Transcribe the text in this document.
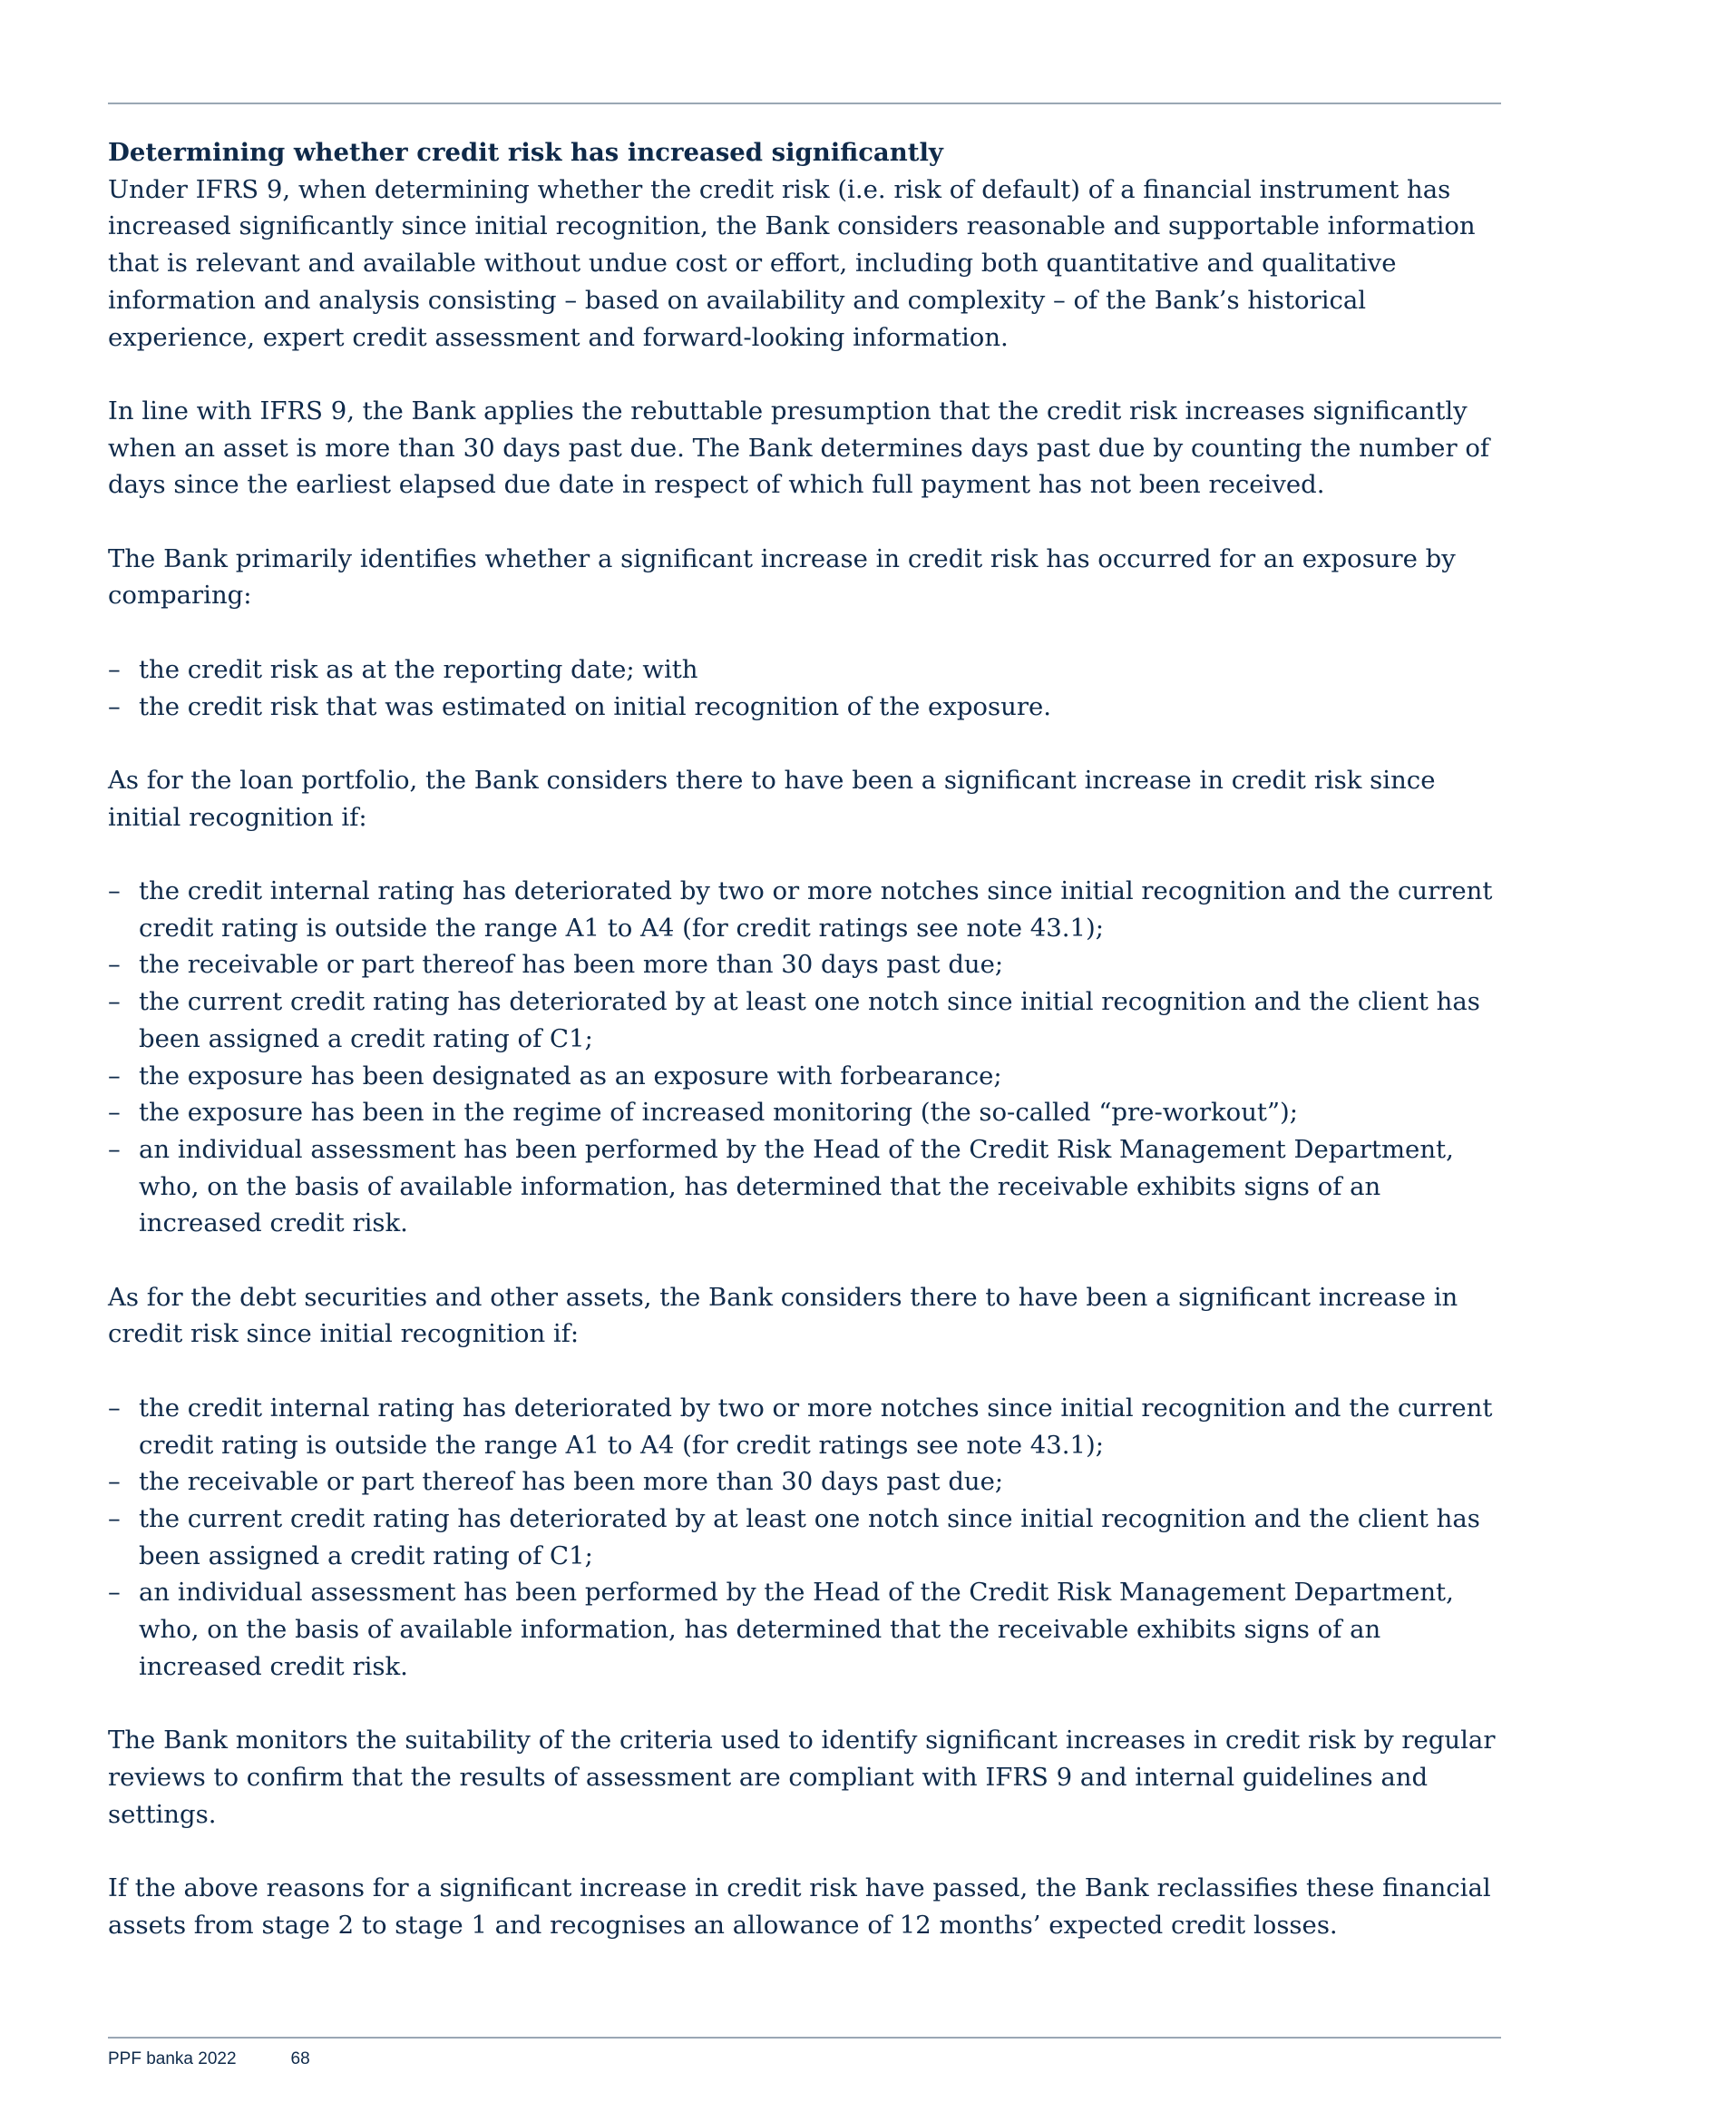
Determining whether credit risk has increased significantly

Under IFRS 9, when determining whether the credit risk (i.e. risk of default) of a financial instrument has increased significantly since initial recognition, the Bank considers reasonable and supportable information that is relevant and available without undue cost or effort, including both quantitative and qualitative information and analysis consisting – based on availability and complexity – of the Bank’s historical experience, expert credit assessment and forward-looking information.

In line with IFRS 9, the Bank applies the rebuttable presumption that the credit risk increases significantly when an asset is more than 30 days past due. The Bank determines days past due by counting the number of days since the earliest elapsed due date in respect of which full payment has not been received.

The Bank primarily identifies whether a significant increase in credit risk has occurred for an exposure by comparing:

– the credit risk as at the reporting date; with
– the credit risk that was estimated on initial recognition of the exposure.

As for the loan portfolio, the Bank considers there to have been a significant increase in credit risk since initial recognition if:

– the credit internal rating has deteriorated by two or more notches since initial recognition and the current credit rating is outside the range A1 to A4 (for credit ratings see note 43.1);
– the receivable or part thereof has been more than 30 days past due;
– the current credit rating has deteriorated by at least one notch since initial recognition and the client has been assigned a credit rating of C1;
– the exposure has been designated as an exposure with forbearance;
– the exposure has been in the regime of increased monitoring (the so-called “pre-workout”);
– an individual assessment has been performed by the Head of the Credit Risk Management Department, who, on the basis of available information, has determined that the receivable exhibits signs of an increased credit risk.

As for the debt securities and other assets, the Bank considers there to have been a significant increase in credit risk since initial recognition if:

– the credit internal rating has deteriorated by two or more notches since initial recognition and the current credit rating is outside the range A1 to A4 (for credit ratings see note 43.1);
– the receivable or part thereof has been more than 30 days past due;
– the current credit rating has deteriorated by at least one notch since initial recognition and the client has been assigned a credit rating of C1;
– an individual assessment has been performed by the Head of the Credit Risk Management Department, who, on the basis of available information, has determined that the receivable exhibits signs of an increased credit risk.

The Bank monitors the suitability of the criteria used to identify significant increases in credit risk by regular reviews to confirm that the results of assessment are compliant with IFRS 9 and internal guidelines and settings.

If the above reasons for a significant increase in credit risk have passed, the Bank reclassifies these financial assets from stage 2 to stage 1 and recognises an allowance of 12 months’ expected credit losses.

PPF banka 2022	68
